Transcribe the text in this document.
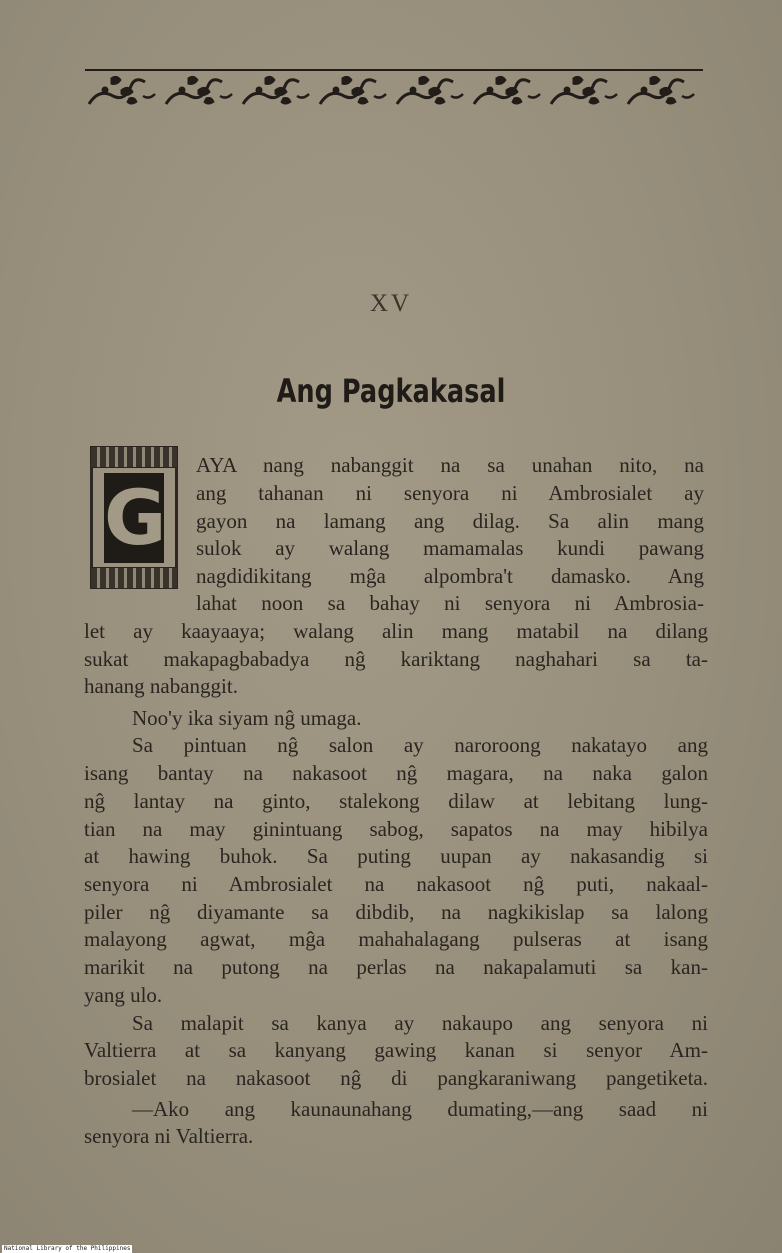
XV
Ang Pagkakasal
G
AYA nang nabanggit na sa unahan nito, na
ang tahanan ni senyora ni Ambrosialet ay
gayon na lamang ang dilag. Sa alin mang
sulok ay walang mamamalas kundi pawang
nagdidikitang mĝa alpombra't damasko. Ang
lahat noon sa bahay ni senyora ni Ambrosia-
let ay kaayaaya; walang alin mang matabil na dilang
sukat makapagbabadya nĝ kariktang naghahari sa ta-
hanang nabanggit.
Noo'y ika siyam nĝ umaga.
Sa pintuan nĝ salon ay naroroong nakatayo ang
isang bantay na nakasoot nĝ magara, na naka galon
nĝ lantay na ginto, stalekong dilaw at lebitang lung-
tian na may ginintuang sabog, sapatos na may hibilya
at hawing buhok. Sa puting uupan ay nakasandig si
senyora ni Ambrosialet na nakasoot nĝ puti, nakaal-
piler nĝ diyamante sa dibdib, na nagkikislap sa lalong
malayong agwat, mĝa mahahalagang pulseras at isang
marikit na putong na perlas na nakapalamuti sa kan-
yang ulo.
Sa malapit sa kanya ay nakaupo ang senyora ni
Valtierra at sa kanyang gawing kanan si senyor Am-
brosialet na nakasoot nĝ di pangkaraniwang pangetiketa.
—Ako ang kaunaunahang dumating,—ang saad ni
senyora ni Valtierra.
National Library of the Philippines
